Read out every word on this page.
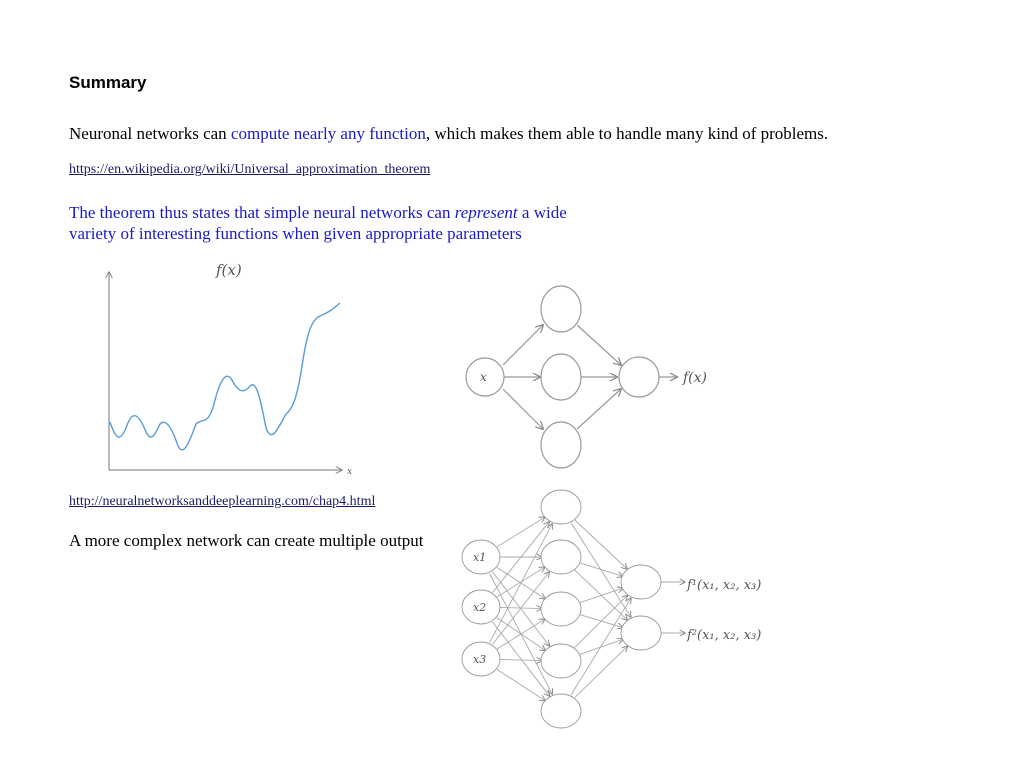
Summary
Neuronal networks can compute nearly any function, which makes them able to handle many kind of problems.
https://en.wikipedia.org/wiki/Universal_approximation_theorem
The theorem thus states that simple neural networks can represent a wide
variety of interesting functions when given appropriate parameters
http://neuralnetworksanddeeplearning.com/chap4.html
A more complex network can create multiple output
f(x)
x
x	f(x)
x1
x2
x3
f¹(x₁, x₂, x₃)
f²(x₁, x₂, x₃)
